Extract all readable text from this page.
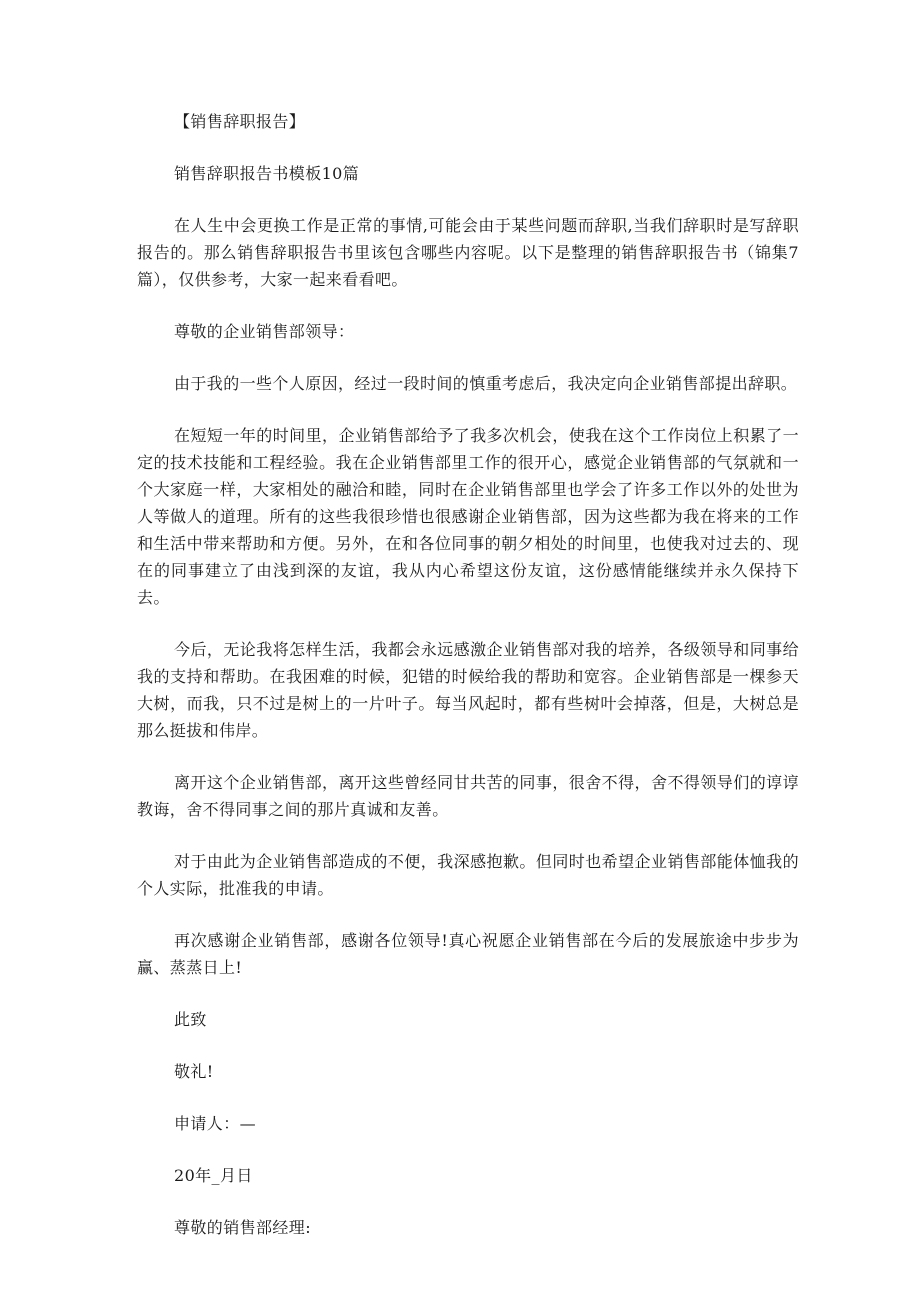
【销售辞职报告】

销售辞职报告书模板10篇

在人生中会更换工作是正常的事情,可能会由于某些问题而辞职,当我们辞职时是写辞职报告的。那么销售辞职报告书里该包含哪些内容呢。以下是整理的销售辞职报告书（锦集7篇），仅供参考，大家一起来看看吧。

尊敬的企业销售部领导：

由于我的一些个人原因，经过一段时间的慎重考虑后，我决定向企业销售部提出辞职。

在短短一年的时间里，企业销售部给予了我多次机会，使我在这个工作岗位上积累了一定的技术技能和工程经验。我在企业销售部里工作的很开心，感觉企业销售部的气氛就和一个大家庭一样，大家相处的融洽和睦，同时在企业销售部里也学会了许多工作以外的处世为人等做人的道理。所有的这些我很珍惜也很感谢企业销售部，因为这些都为我在将来的工作和生活中带来帮助和方便。另外，在和各位同事的朝夕相处的时间里，也使我对过去的、现在的同事建立了由浅到深的友谊，我从内心希望这份友谊，这份感情能继续并永久保持下去。

今后，无论我将怎样生活，我都会永远感激企业销售部对我的培养，各级领导和同事给我的支持和帮助。在我困难的时候，犯错的时候给我的帮助和宽容。企业销售部是一棵参天大树，而我，只不过是树上的一片叶子。每当风起时，都有些树叶会掉落，但是，大树总是那么挺拔和伟岸。

离开这个企业销售部，离开这些曾经同甘共苦的同事，很舍不得，舍不得领导们的谆谆教诲，舍不得同事之间的那片真诚和友善。

对于由此为企业销售部造成的不便，我深感抱歉。但同时也希望企业销售部能体恤我的个人实际，批准我的申请。

再次感谢企业销售部，感谢各位领导!真心祝愿企业销售部在今后的发展旅途中步步为赢、蒸蒸日上!

此致

敬礼!

申请人：—

20年_月日

尊敬的销售部经理:
